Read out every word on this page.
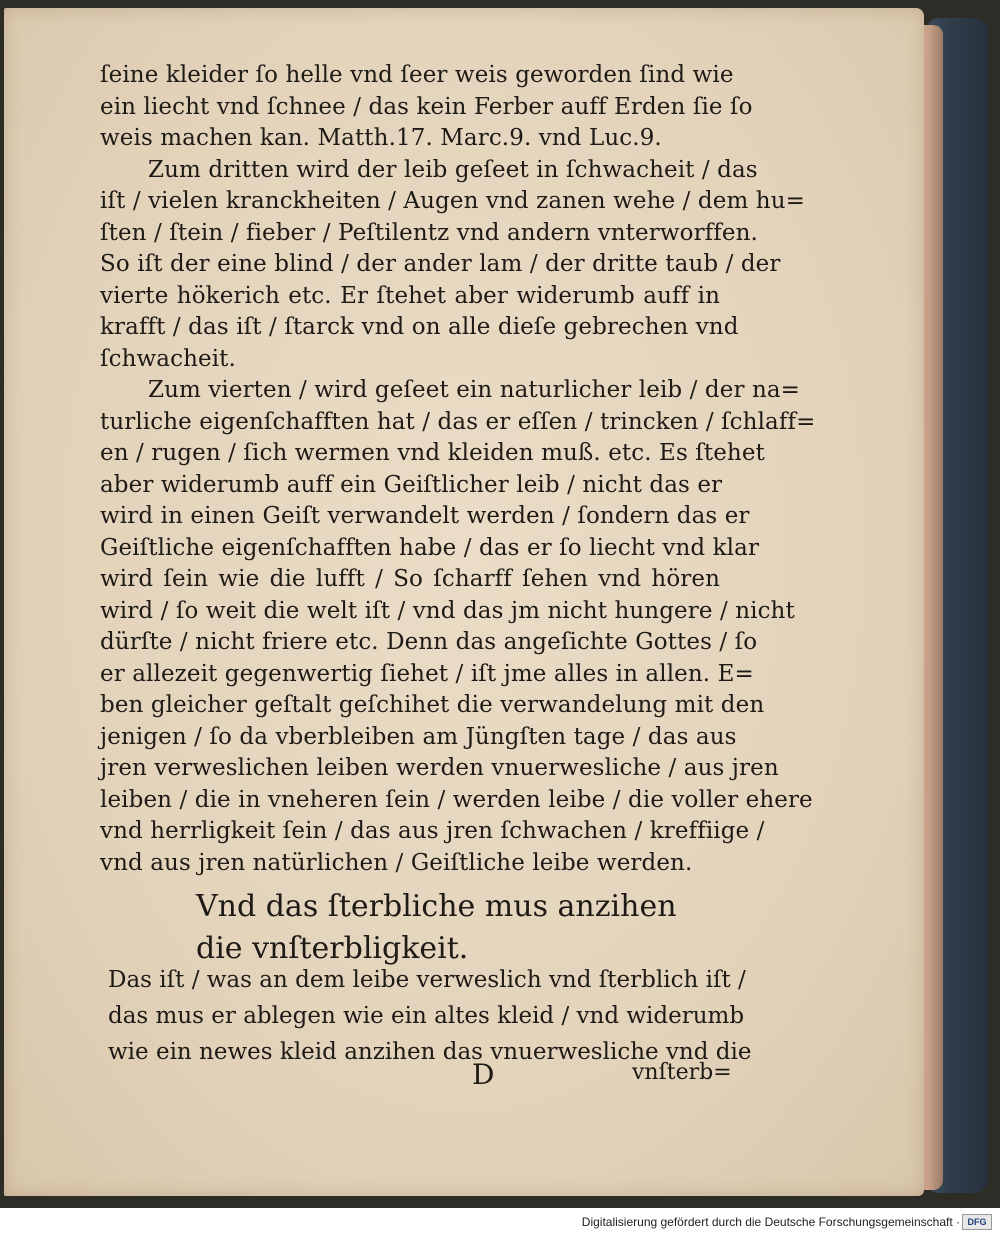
ſeine kleider ſo helle vnd ſeer weis geworden ſind wie
ein liecht vnd ſchnee / das kein Ferber auff Erden ſie ſo
weis machen kan. Matth.17. Marc.9. vnd Luc.9.
Zum dritten wird der leib geſeet in ſchwacheit / das
iſt / vielen kranckheiten / Augen vnd zanen wehe / dem hu=
ſten / ſtein / fieber / Peſtilentz vnd andern vnterworffen.
So iſt der eine blind / der ander lam / der dritte taub / der
vierte hökerich etc. Er ſtehet aber widerumb auff in
krafft / das iſt / ſtarck vnd on alle dieſe gebrechen vnd
ſchwacheit.
Zum vierten / wird geſeet ein naturlicher leib / der na=
turliche eigenſchafften hat / das er eſſen / trincken / ſchlaff=
en / rugen / ſich wermen vnd kleiden muß. etc. Es ſtehet
aber widerumb auff ein Geiſtlicher leib / nicht das er
wird in einen Geiſt verwandelt werden / ſondern das er
Geiſtliche eigenſchafften habe / das er ſo liecht vnd klar
wird ſein wie die lufft / So ſcharff ſehen vnd hören
wird / ſo weit die welt iſt / vnd das jm nicht hungere / nicht
dürſte / nicht friere etc. Denn das angeſichte Gottes / ſo
er allezeit gegenwertig ſiehet / iſt jme alles in allen. E=
ben gleicher geſtalt geſchihet die verwandelung mit den
jenigen / ſo da vberbleiben am Jüngſten tage / das aus
jren verweslichen leiben werden vnuerwesliche / aus jren
leiben / die in vneheren ſein / werden leibe / die voller ehere
vnd herrligkeit ſein / das aus jren ſchwachen / kreffiige /
vnd aus jren natürlichen / Geiſtliche leibe werden.
Vnd das ſterbliche mus anzihen
die vnſterbligkeit.
Das iſt / was an dem leibe verweslich vnd ſterblich iſt /
das mus er ablegen wie ein altes kleid / vnd widerumb
wie ein newes kleid anzihen das vnuerwesliche vnd die
D	vnſterb=
Digitalisierung gefördert durch die Deutsche Forschungsgemeinschaft · DFG
